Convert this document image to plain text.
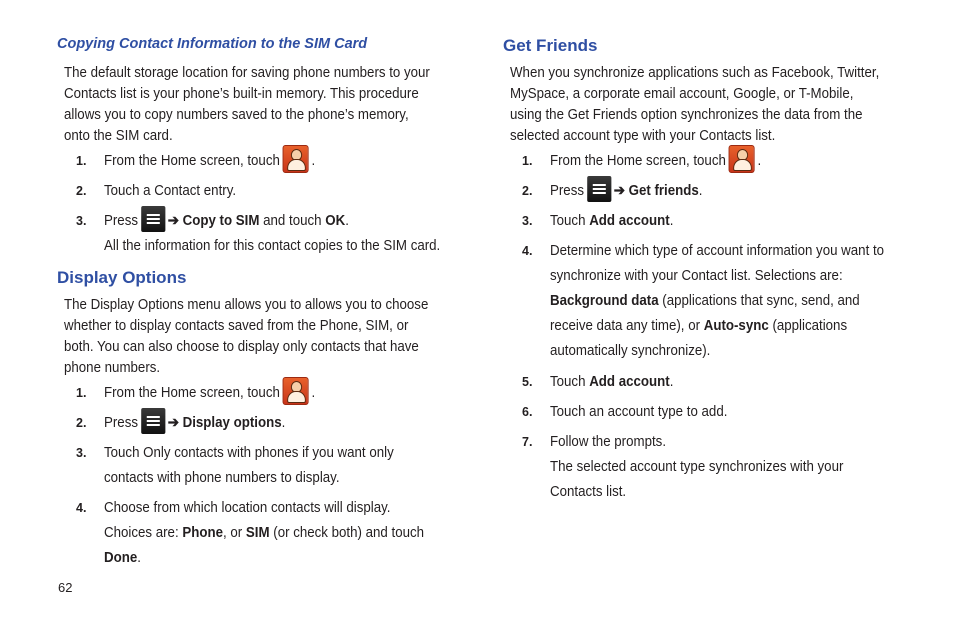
Copying Contact Information to the SIM Card

The default storage location for saving phone numbers to your Contacts list is your phone’s built-in memory. This procedure allows you to copy numbers saved to the phone’s memory, onto the SIM card.

1. From the Home screen, touch .

2. Touch a Contact entry.

3. Press ➔ Copy to SIM and touch OK.
All the information for this contact copies to the SIM card.

Display Options

The Display Options menu allows you to allows you to choose whether to display contacts saved from the Phone, SIM, or both. You can also choose to display only contacts that have phone numbers.

1. From the Home screen, touch .

2. Press ➔ Display options.

3. Touch Only contacts with phones if you want only contacts with phone numbers to display.

4. Choose from which location contacts will display. Choices are: Phone, or SIM (or check both) and touch Done.

Get Friends

When you synchronize applications such as Facebook, Twitter, MySpace, a corporate email account, Google, or T-Mobile, using the Get Friends option synchronizes the data from the selected account type with your Contacts list.

1. From the Home screen, touch .

2. Press ➔ Get friends.

3. Touch Add account.

4. Determine which type of account information you want to synchronize with your Contact list. Selections are:
Background data (applications that sync, send, and receive data any time), or Auto-sync (applications automatically synchronize).

5. Touch Add account.

6. Touch an account type to add.

7. Follow the prompts.
The selected account type synchronizes with your Contacts list.

62
